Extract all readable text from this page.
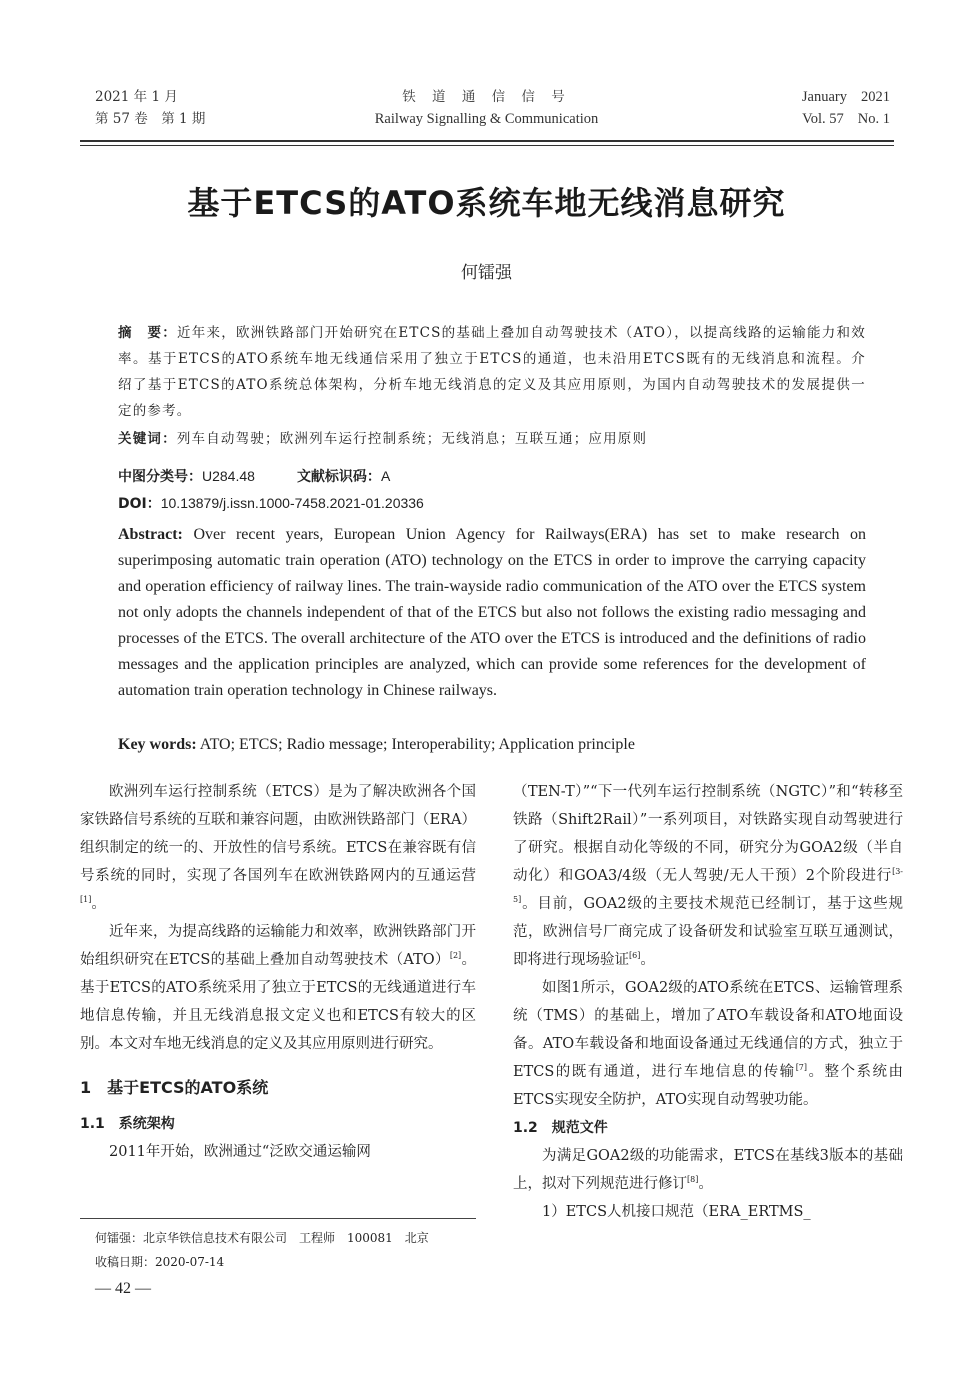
2021 年 1 月
第 57 卷　第 1 期
铁 道 通 信 信 号
Railway Signalling & Communication
January 2021
Vol. 57 No. 1
基于ETCS的ATO系统车地无线消息研究
何镭强
摘　要：近年来，欧洲铁路部门开始研究在ETCS的基础上叠加自动驾驶技术（ATO），以提高线路的运输能力和效率。基于ETCS的ATO系统车地无线通信采用了独立于ETCS的通道，也未沿用ETCS既有的无线消息和流程。介绍了基于ETCS的ATO系统总体架构，分析车地无线消息的定义及其应用原则，为国内自动驾驶技术的发展提供一定的参考。
关键词：列车自动驾驶；欧洲列车运行控制系统；无线消息；互联互通；应用原则
中图分类号：U284.48	文献标识码：A
DOI：10.13879/j.issn.1000-7458.2021-01.20336
Abstract: Over recent years, European Union Agency for Railways(ERA) has set to make research on superimposing automatic train operation (ATO) technology on the ETCS in order to improve the carrying capacity and operation efficiency of railway lines. The train-wayside radio communication of the ATO over the ETCS system not only adopts the channels independent of that of the ETCS but also not follows the existing radio messaging and processes of the ETCS. The overall architecture of the ATO over the ETCS is introduced and the definitions of radio messages and the application principles are analyzed, which can provide some references for the development of automation train operation technology in Chinese railways.
Key words: ATO; ETCS; Radio message; Interoperability; Application principle

欧洲列车运行控制系统（ETCS）是为了解决欧洲各个国家铁路信号系统的互联和兼容问题，由欧洲铁路部门（ERA）组织制定的统一的、开放性的信号系统。ETCS在兼容既有信号系统的同时，实现了各国列车在欧洲铁路网内的互通运营[1]。

近年来，为提高线路的运输能力和效率，欧洲铁路部门开始组织研究在ETCS的基础上叠加自动驾驶技术（ATO）[2]。基于ETCS的ATO系统采用了独立于ETCS的无线通道进行车地信息传输，并且无线消息报文定义也和ETCS有较大的区别。本文对车地无线消息的定义及其应用原则进行研究。

1　基于ETCS的ATO系统

1.1　系统架构

2011年开始，欧洲通过“泛欧交通运输网

（TEN-T）”“下一代列车运行控制系统（NGTC）”和“转移至铁路（Shift2Rail）”一系列项目，对铁路实现自动驾驶进行了研究。根据自动化等级的不同，研究分为GOA2级（半自动化）和GOA3/4级（无人驾驶/无人干预）2个阶段进行[3-5]。目前，GOA2级的主要技术规范已经制订，基于这些规范，欧洲信号厂商完成了设备研发和试验室互联互通测试，即将进行现场验证[6]。

如图1所示，GOA2级的ATO系统在ETCS、运输管理系统（TMS）的基础上，增加了ATO车载设备和ATO地面设备。ATO车载设备和地面设备通过无线通信的方式，独立于ETCS的既有通道，进行车地信息的传输[7]。整个系统由ETCS实现安全防护，ATO实现自动驾驶功能。

1.2　规范文件

为满足GOA2级的功能需求，ETCS在基线3版本的基础上，拟对下列规范进行修订[8]。

1）ETCS人机接口规范（ERA_ERTMS_

何镭强：北京华铁信息技术有限公司　工程师　100081　北京
收稿日期：2020-07-14
— 42 —
